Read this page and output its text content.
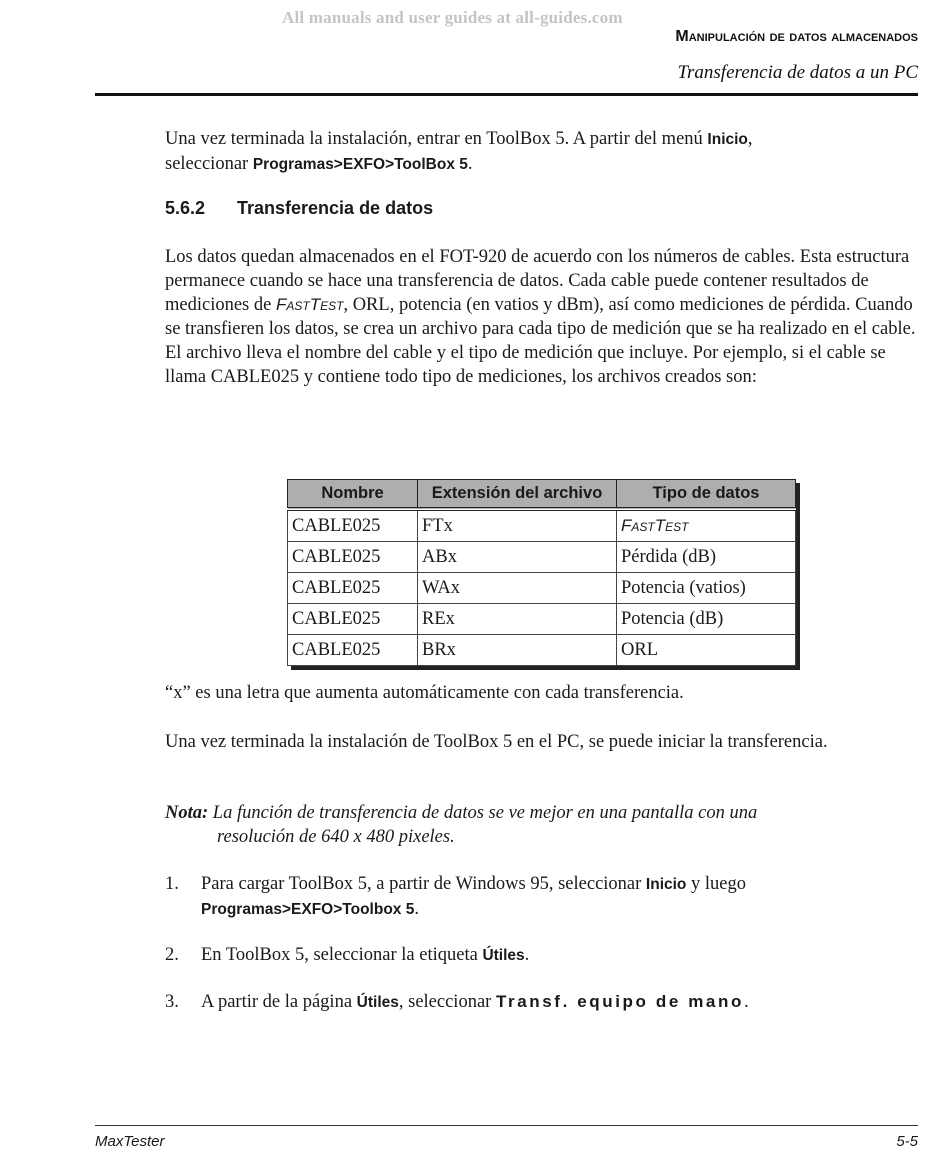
All manuals and user guides at all-guides.com
Manipulación de datos almacenados
Transferencia de datos a un PC

Una vez terminada la instalación, entrar en ToolBox 5. A partir del menú Inicio,
seleccionar Programas>EXFO>ToolBox 5.

5.6.2 Transferencia de datos

Los datos quedan almacenados en el FOT-920 de acuerdo con los números de cables. Esta estructura permanece cuando se hace una transferencia de datos. Cada cable puede contener resultados de mediciones de FastTest, ORL, potencia (en vatios y dBm), así como mediciones de pérdida. Cuando se transfieren los datos, se crea un archivo para cada tipo de medición que se ha realizado en el cable. El archivo lleva el nombre del cable y el tipo de medición que incluye. Por ejemplo, si el cable se llama CABLE025 y contiene todo tipo de mediciones, los archivos creados son:

Nombre	Extensión del archivo	Tipo de datos
CABLE025	FTx	FastTest
CABLE025	ABx	Pérdida (dB)
CABLE025	WAx	Potencia (vatios)
CABLE025	REx	Potencia (dB)
CABLE025	BRx	ORL

“x” es una letra que aumenta automáticamente con cada transferencia.

Una vez terminada la instalación de ToolBox 5 en el PC, se puede iniciar la transferencia.

Nota: La función de transferencia de datos se ve mejor en una pantalla con una
resolución de 640 x 480 pixeles.
1. Para cargar ToolBox 5, a partir de Windows 95, seleccionar Inicio y luego
Programas>EXFO>Toolbox 5.
2. En ToolBox 5, seleccionar la etiqueta Útiles.
3. A partir de la página Útiles, seleccionar Transf. equipo de mano.
MaxTester	5-5
